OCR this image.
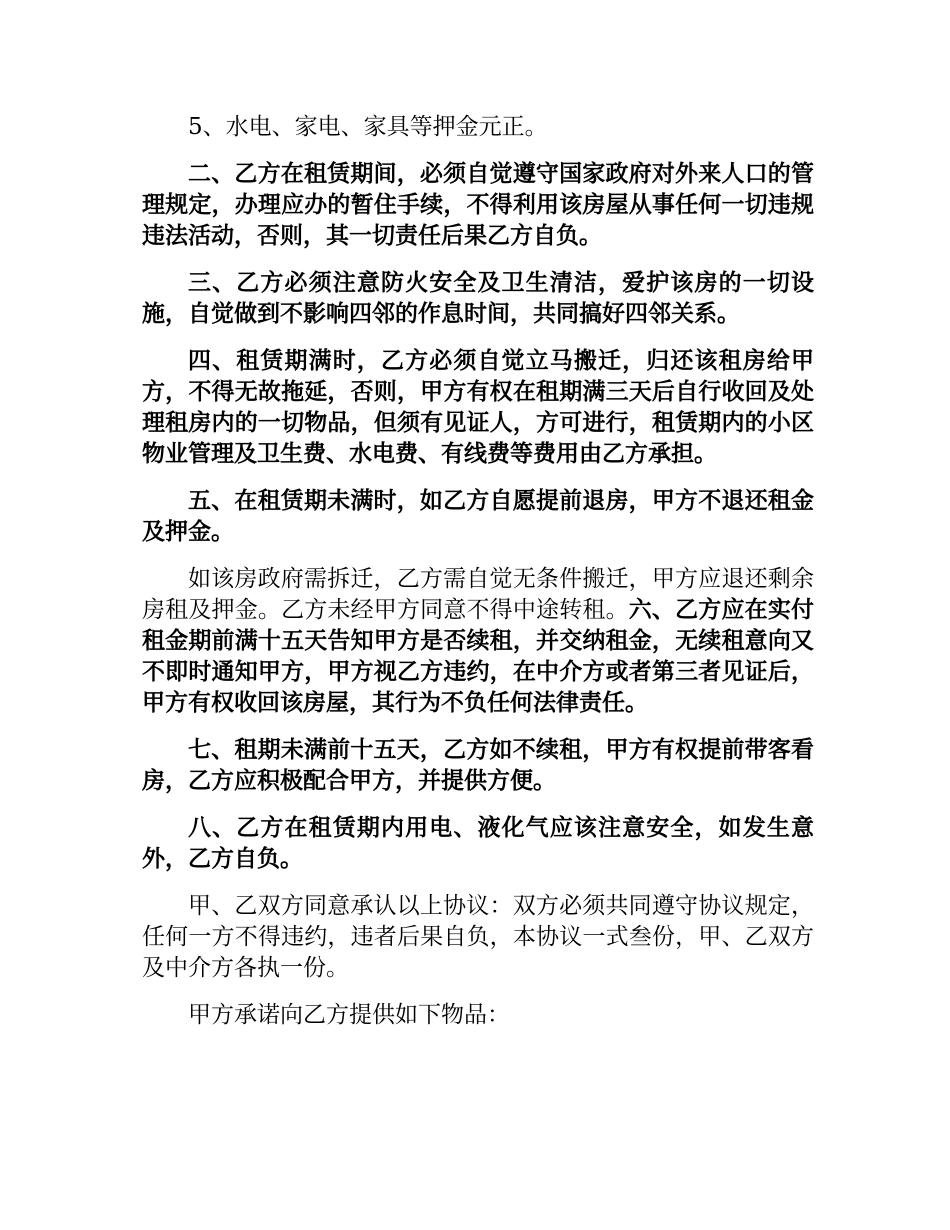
5、水电、家电、家具等押金元正。

二、乙方在租赁期间，必须自觉遵守国家政府对外来人口的管理规定，办理应办的暂住手续，不得利用该房屋从事任何一切违规违法活动，否则，其一切责任后果乙方自负。

三、乙方必须注意防火安全及卫生清洁，爱护该房的一切设施，自觉做到不影响四邻的作息时间，共同搞好四邻关系。

四、租赁期满时，乙方必须自觉立马搬迁，归还该租房给甲方，不得无故拖延，否则，甲方有权在租期满三天后自行收回及处理租房内的一切物品，但须有见证人，方可进行，租赁期内的小区物业管理及卫生费、水电费、有线费等费用由乙方承担。

五、在租赁期未满时，如乙方自愿提前退房，甲方不退还租金及押金。

如该房政府需拆迁，乙方需自觉无条件搬迁，甲方应退还剩余房租及押金。乙方未经甲方同意不得中途转租。六、乙方应在实付租金期前满十五天告知甲方是否续租，并交纳租金，无续租意向又不即时通知甲方，甲方视乙方违约，在中介方或者第三者见证后，甲方有权收回该房屋，其行为不负任何法律责任。

七、租期未满前十五天，乙方如不续租，甲方有权提前带客看房，乙方应积极配合甲方，并提供方便。

八、乙方在租赁期内用电、液化气应该注意安全，如发生意外，乙方自负。

甲、乙双方同意承认以上协议：双方必须共同遵守协议规定，任何一方不得违约，违者后果自负，本协议一式叁份，甲、乙双方及中介方各执一份。

甲方承诺向乙方提供如下物品：
